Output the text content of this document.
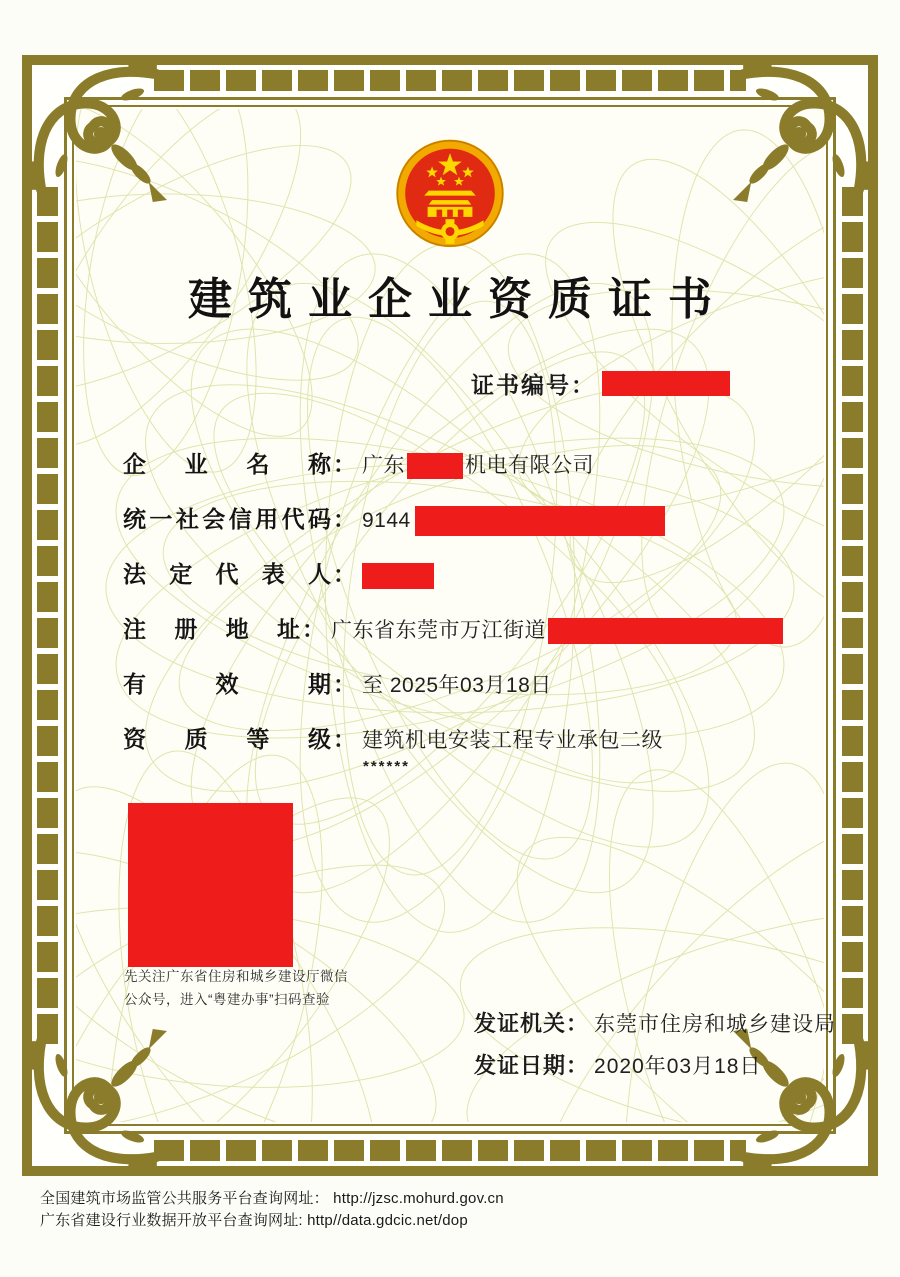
建筑业企业资质证书
证书编号 ：
企业名称 ： 广东	机电有限公司
统一社会信用代码 ： 9144
法定代表人 ：
注册地址 ： 广东省东莞市万江街道
有效期 ： 至 2025年03月18日
资质等级 ： 建筑机电安装工程专业承包二级
******
先关注广东省住房和城乡建设厅微信
公众号，进入“粤建办事”扫码查验
发证机关 ： 东莞市住房和城乡建设局
发证日期 ： 2020年03月18日
全国建筑市场监管公共服务平台查询网址： http://jzsc.mohurd.gov.cn
广东省建设行业数据开放平台查询网址: http//data.gdcic.net/dop
